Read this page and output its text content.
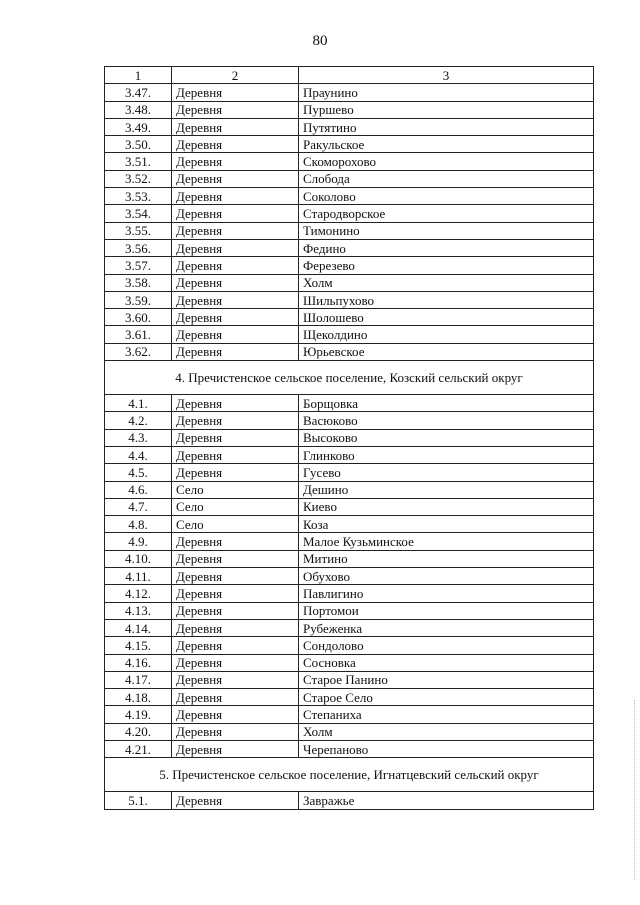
80
1	2	3
3.47.	Деревня	Праунино
3.48.	Деревня	Пуршево
3.49.	Деревня	Путятино
3.50.	Деревня	Ракульское
3.51.	Деревня	Скоморохово
3.52.	Деревня	Слобода
3.53.	Деревня	Соколово
3.54.	Деревня	Стародворское
3.55.	Деревня	Тимонино
3.56.	Деревня	Федино
3.57.	Деревня	Ферезево
3.58.	Деревня	Холм
3.59.	Деревня	Шильпухово
3.60.	Деревня	Шолошево
3.61.	Деревня	Щеколдино
3.62.	Деревня	Юрьевское
4. Пречистенское сельское поселение, Козский сельский округ		
4.1.	Деревня	Борщовка
4.2.	Деревня	Васюково
4.3.	Деревня	Высоково
4.4.	Деревня	Глинково
4.5.	Деревня	Гусево
4.6.	Село	Дешино
4.7.	Село	Киево
4.8.	Село	Коза
4.9.	Деревня	Малое Кузьминское
4.10.	Деревня	Митино
4.11.	Деревня	Обухово
4.12.	Деревня	Павлигино
4.13.	Деревня	Портомои
4.14.	Деревня	Рубеженка
4.15.	Деревня	Сондолово
4.16.	Деревня	Сосновка
4.17.	Деревня	Старое Панино
4.18.	Деревня	Старое Село
4.19.	Деревня	Степаниха
4.20.	Деревня	Холм
4.21.	Деревня	Черепаново
5. Пречистенское сельское поселение, Игнатцевский сельский округ		
5.1.	Деревня	Завражье
